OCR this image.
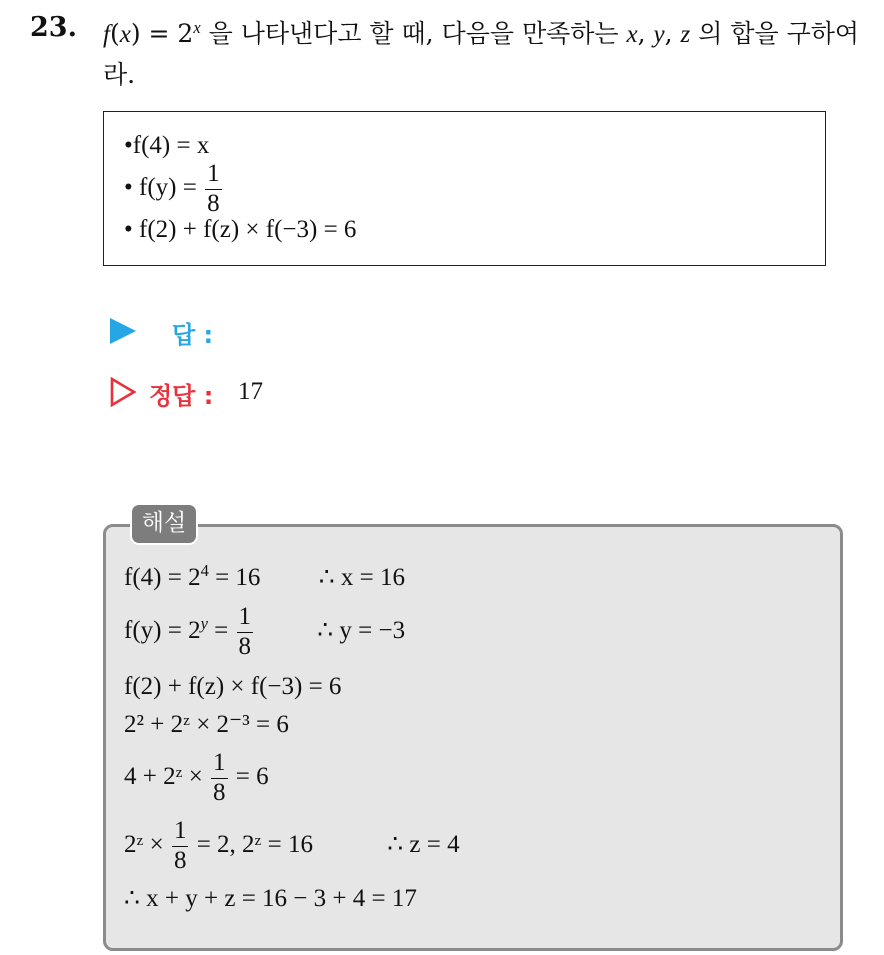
23. $f(x) = 2^x$ 을 나타낸다고 할 때, 다음을 만족하는 x, y, z 의 합을 구하여라.
•f(4) = x
• $f(y) = \frac{1}{8}$
• f(2) + f(z) × f(−3) = 6
답 :
정답 : 17
해설
$f(4) = 2^4 = 16$ ∴ x = 16
$f(y) = 2^y = \frac{1}{8}$	∴ y = −3
f(2) + f(z) × f(−3) = 6
2² + 2ᶻ × 2⁻³ = 6
4 + 2ᶻ × $\frac{1}{8} = 6$
2ᶻ × $\frac{1}{8} = 2$, 2ᶻ = 16	∴ z = 4
∴ x + y + z = 16 − 3 + 4 = 17
